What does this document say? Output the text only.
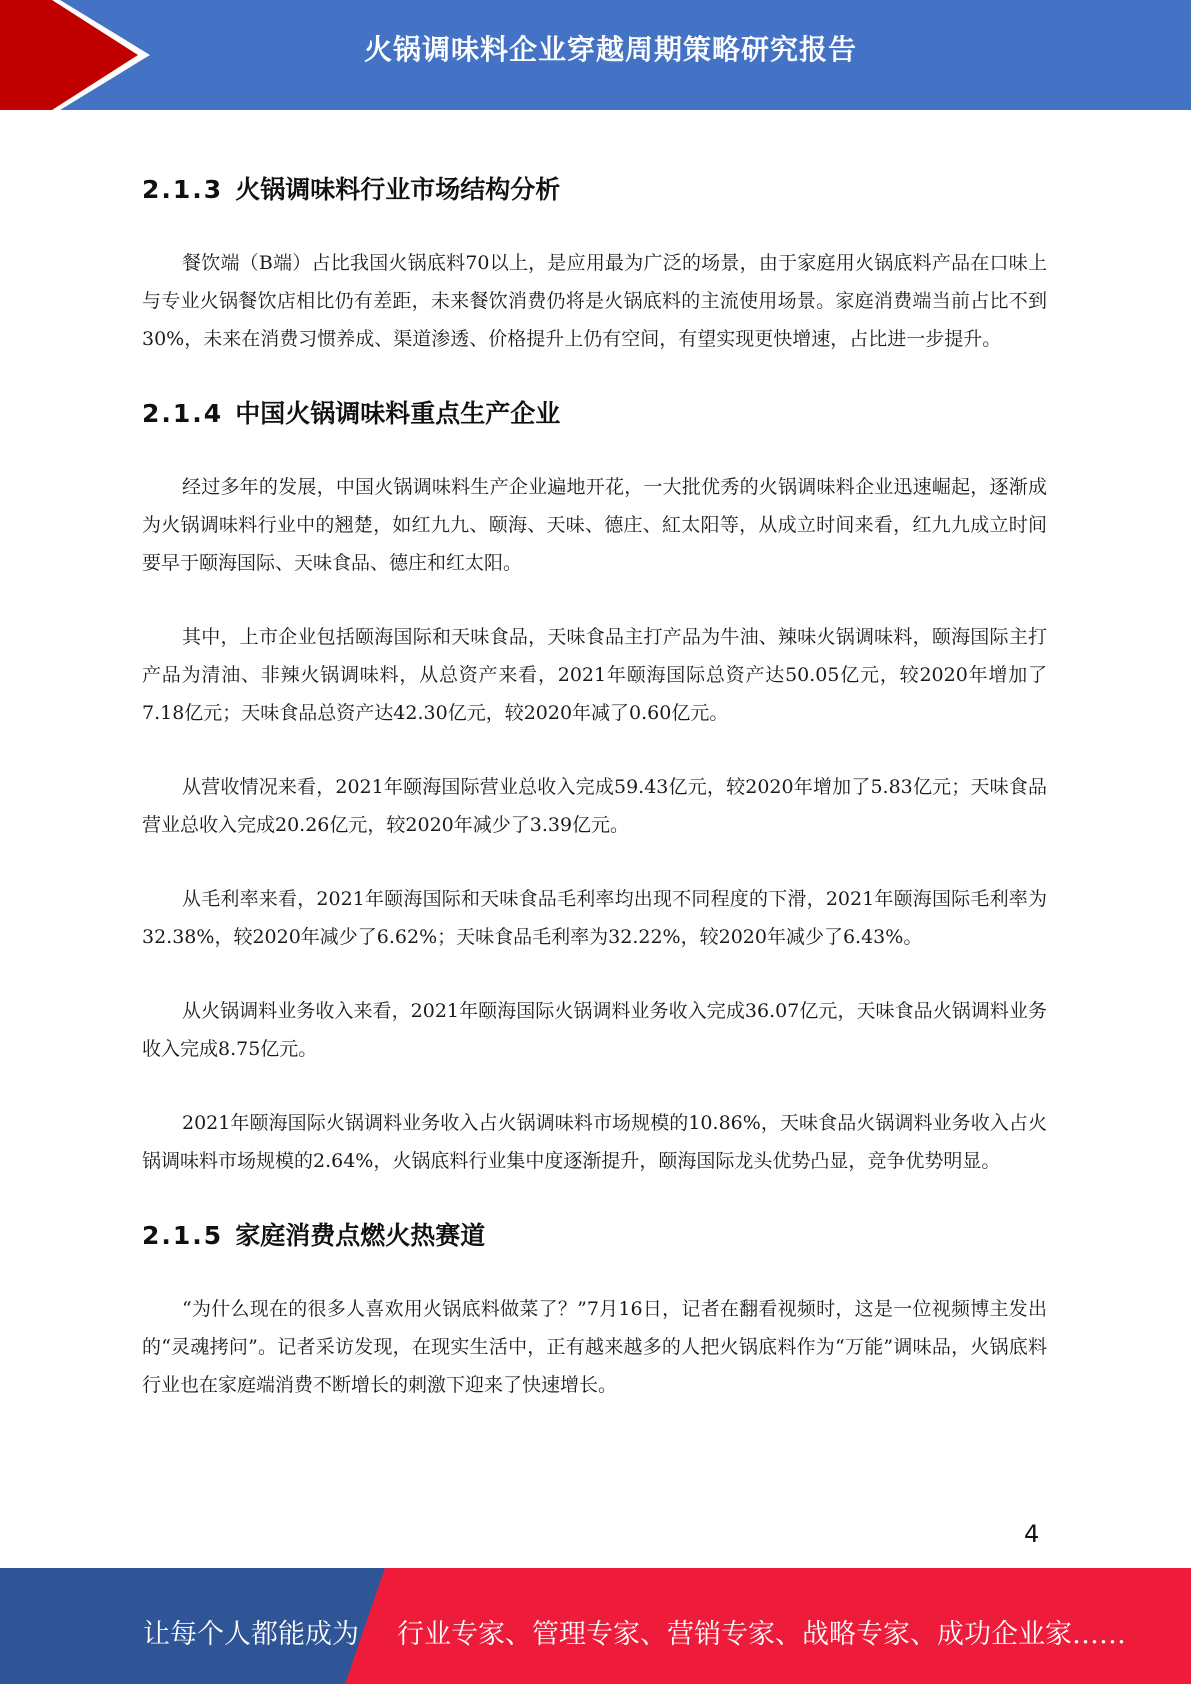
火锅调味料企业穿越周期策略研究报告
2.1.3 火锅调味料行业市场结构分析

餐饮端（B端）占比我国火锅底料70以上，是应用最为广泛的场景，由于家庭用火锅底料产品在口味上与专业火锅餐饮店相比仍有差距，未来餐饮消费仍将是火锅底料的主流使用场景。家庭消费端当前占比不到30%，未来在消费习惯养成、渠道渗透、价格提升上仍有空间，有望实现更快增速，占比进一步提升。

2.1.4 中国火锅调味料重点生产企业

经过多年的发展，中国火锅调味料生产企业遍地开花，一大批优秀的火锅调味料企业迅速崛起，逐渐成为火锅调味料行业中的翘楚，如红九九、颐海、天味、德庄、紅太阳等，从成立时间来看，红九九成立时间要早于颐海国际、天味食品、德庄和红太阳。

其中，上市企业包括颐海国际和天味食品，天味食品主打产品为牛油、辣味火锅调味料，颐海国际主打产品为清油、非辣火锅调味料，从总资产来看，2021年颐海国际总资产达50.05亿元，较2020年增加了7.18亿元；天味食品总资产达42.30亿元，较2020年减了0.60亿元。

从营收情况来看，2021年颐海国际营业总收入完成59.43亿元，较2020年增加了5.83亿元；天味食品营业总收入完成20.26亿元，较2020年减少了3.39亿元。

从毛利率来看，2021年颐海国际和天味食品毛利率均出现不同程度的下滑，2021年颐海国际毛利率为32.38%，较2020年减少了6.62%；天味食品毛利率为32.22%，较2020年减少了6.43%。

从火锅调料业务收入来看，2021年颐海国际火锅调料业务收入完成36.07亿元，天味食品火锅调料业务收入完成8.75亿元。

2021年颐海国际火锅调料业务收入占火锅调味料市场规模的10.86%，天味食品火锅调料业务收入占火锅调味料市场规模的2.64%，火锅底料行业集中度逐渐提升，颐海国际龙头优势凸显，竞争优势明显。

2.1.5 家庭消费点燃火热赛道

“为什么现在的很多人喜欢用火锅底料做菜了？”7月16日，记者在翻看视频时，这是一位视频博主发出的“灵魂拷问”。记者采访发现，在现实生活中，正有越来越多的人把火锅底料作为“万能”调味品，火锅底料行业也在家庭端消费不断增长的刺激下迎来了快速增长。

4
让每个人都能成为 行业专家、管理专家、营销专家、战略专家、成功企业家……
